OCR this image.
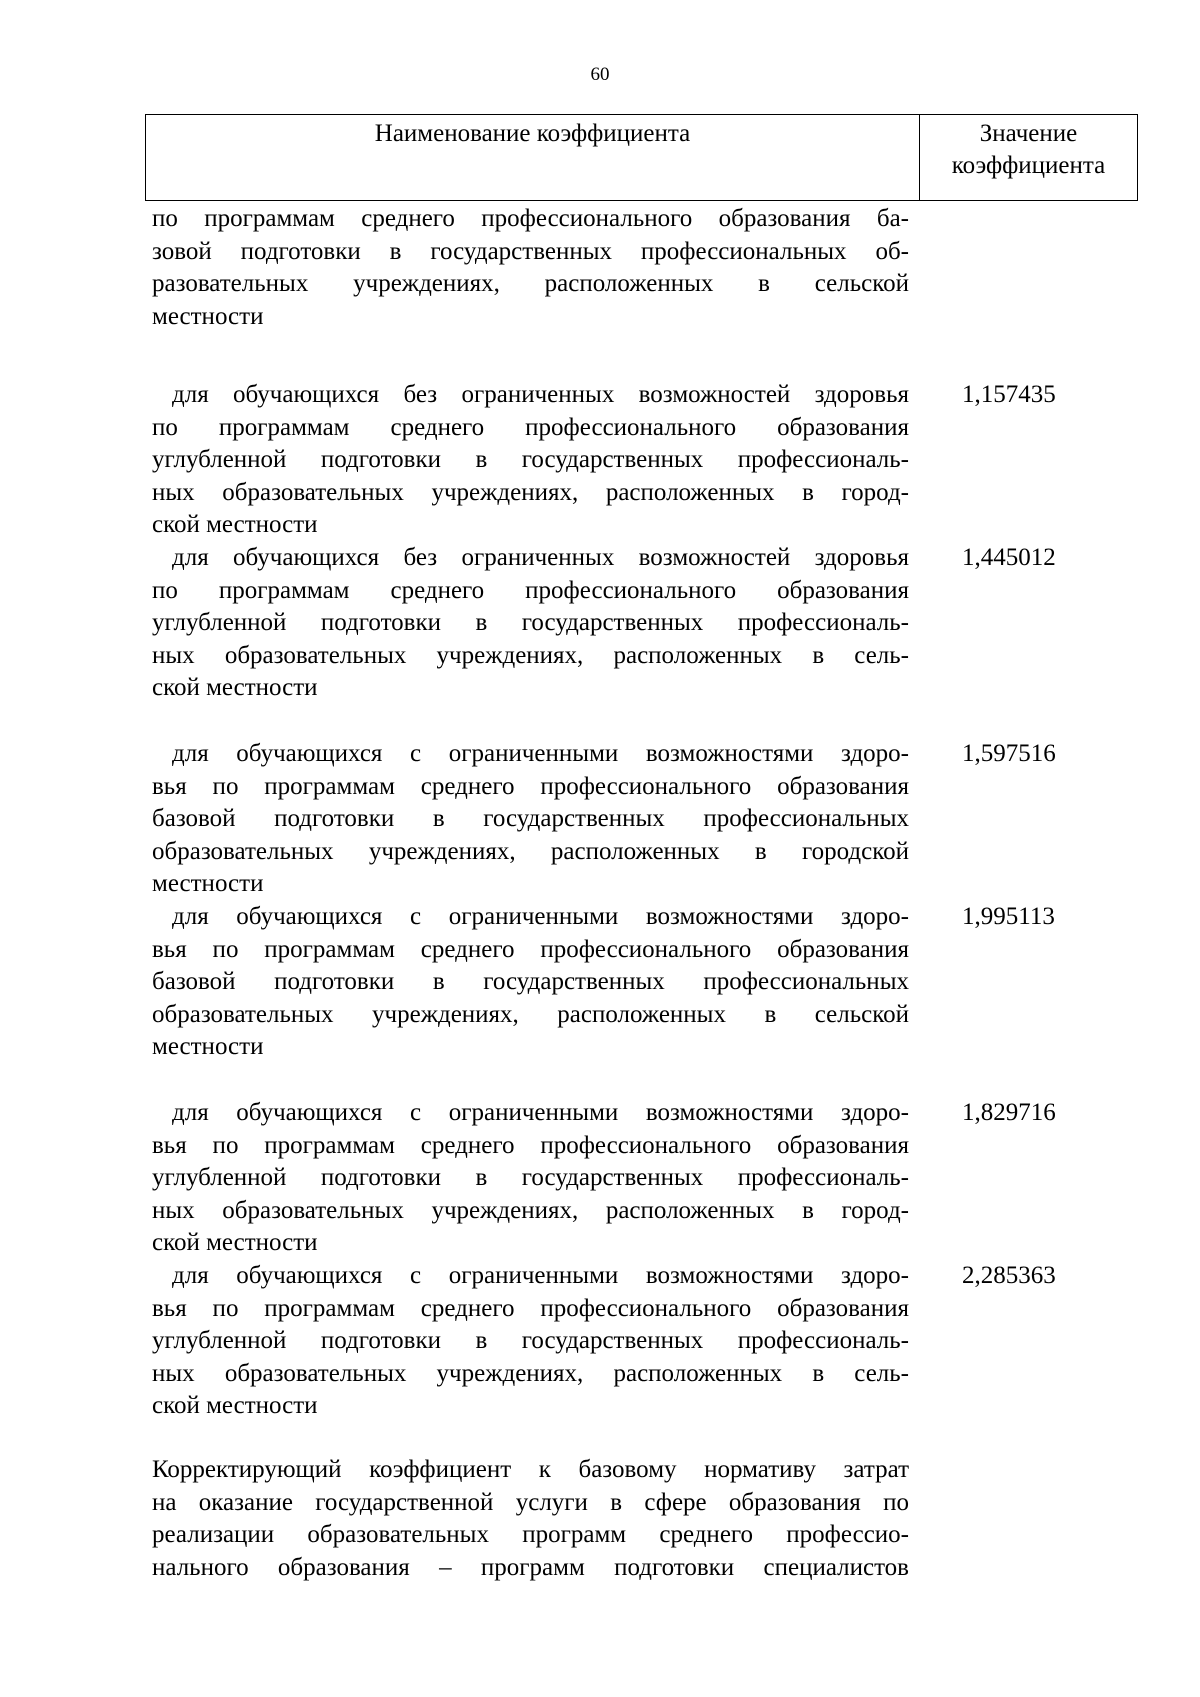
60
Наименование коэффициента	Значение
коэффициента
по программам среднего профессионального образования ба-
зовой подготовки в государственных профессиональных об-
разовательных учреждениях, расположенных в сельской
местности
для обучающихся без ограниченных возможностей здоровья
по программам среднего профессионального образования
углубленной подготовки в государственных профессиональ-
ных образовательных учреждениях, расположенных в город-
ской местности
1,157435
для обучающихся без ограниченных возможностей здоровья
по программам среднего профессионального образования
углубленной подготовки в государственных профессиональ-
ных образовательных учреждениях, расположенных в сель-
ской местности
1,445012
для обучающихся с ограниченными возможностями здоро-
вья по программам среднего профессионального образования
базовой подготовки в государственных профессиональных
образовательных учреждениях, расположенных в городской
местности
1,597516
для обучающихся с ограниченными возможностями здоро-
вья по программам среднего профессионального образования
базовой подготовки в государственных профессиональных
образовательных учреждениях, расположенных в сельской
местности
1,995113
для обучающихся с ограниченными возможностями здоро-
вья по программам среднего профессионального образования
углубленной подготовки в государственных профессиональ-
ных образовательных учреждениях, расположенных в город-
ской местности
1,829716
для обучающихся с ограниченными возможностями здоро-
вья по программам среднего профессионального образования
углубленной подготовки в государственных профессиональ-
ных образовательных учреждениях, расположенных в сель-
ской местности
2,285363
Корректирующий коэффициент к базовому нормативу затрат
на оказание государственной услуги в сфере образования по
реализации образовательных программ среднего профессио-
нального образования – программ подготовки специалистов
